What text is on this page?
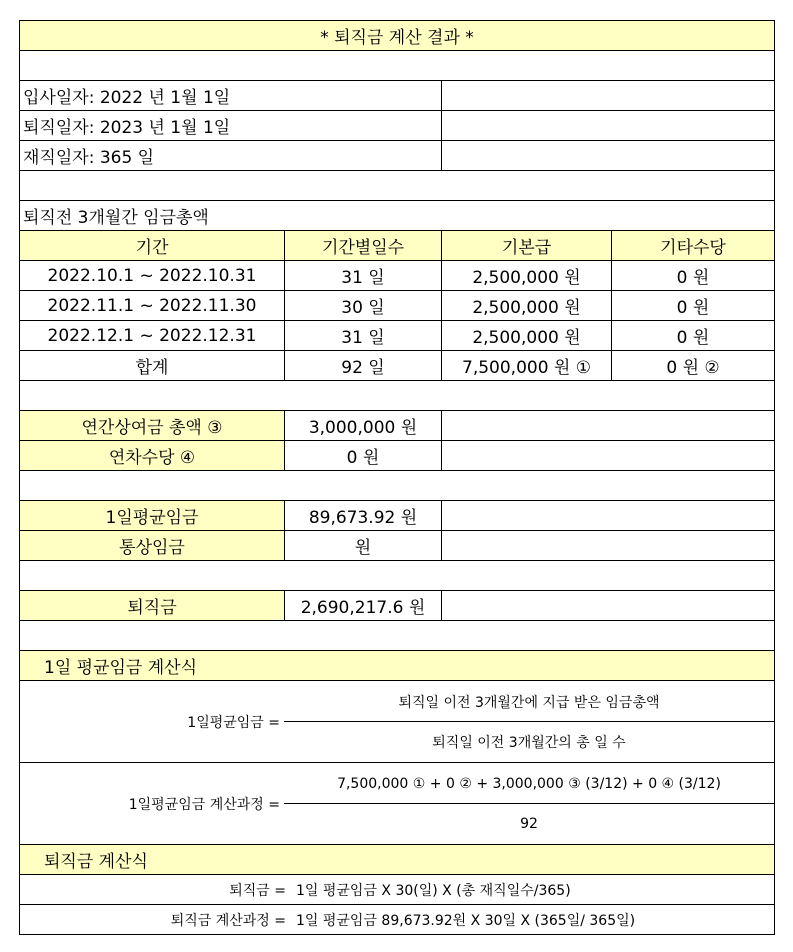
* 퇴직금 계산 결과 *
입사일자: 2022 년 1월 1일
퇴직일자: 2023 년 1월 1일
재직일자: 365 일
퇴직전 3개월간 임금총액
기간	기간별일수	기본급	기타수당
2022.10.1 ~ 2022.10.31	31 일	2,500,000 원	0 원
2022.11.1 ~ 2022.11.30	30 일	2,500,000 원	0 원
2022.12.1 ~ 2022.12.31	31 일	2,500,000 원	0 원
합계	92 일	7,500,000 원 ①	0 원 ②
연간상여금 총액 ③	3,000,000 원
연차수당 ④	0 원
1일평균임금	89,673.92 원
통상임금	원
퇴직금	2,690,217.6 원
1일 평균임금 계산식
1일평균임금 =
퇴직일 이전 3개월간에 지급 받은 임금총액
퇴직일 이전 3개월간의 총 일 수
1일평균임금 계산과정 =
7,500,000 ① + 0 ② + 3,000,000 ③ (3/12) + 0 ④ (3/12)
92
퇴직금 계산식
퇴직금 = 1일 평균임금 X 30(일) X (총 재직일수/365)
퇴직금 계산과정 = 1일 평균임금 89,673.92원 X 30일 X (365일/ 365일)
